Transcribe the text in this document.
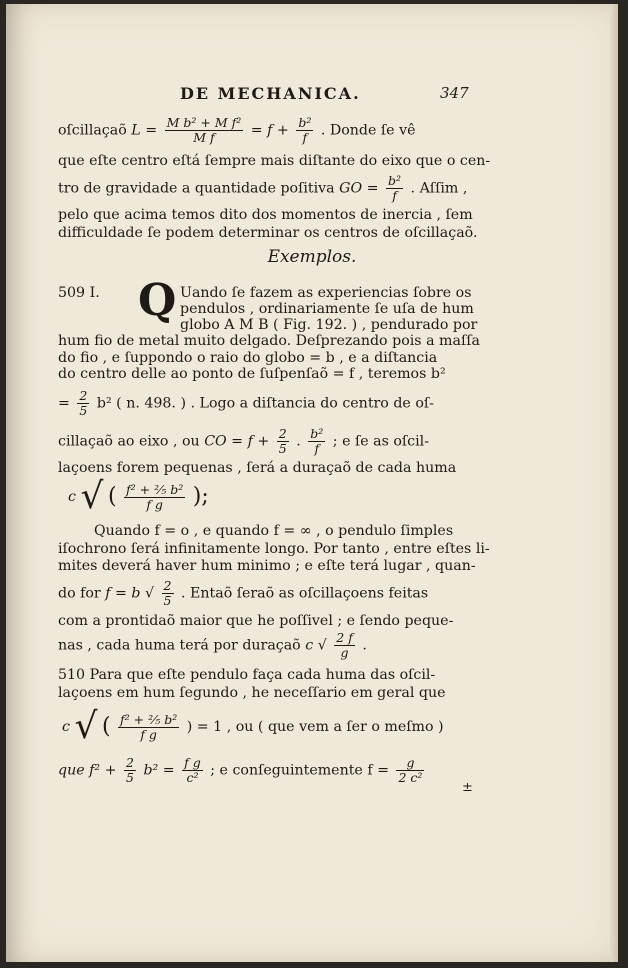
DE MECHANICA.	347
oſcillaçaõ $L = \frac{\text{M b² + M f²}}{\text{M f}} = f + \frac{\text{b²}}{f}$ . Donde ſe vê
que eſte centro eſtá ſempre mais diſtante do eixo que o cen-
tro de gravidade a quantidade poſitiva GO = $\frac{\text{b²}}{f}$ . Aſſim ,
pelo que acima temos dito dos momentos de inercia , ſem
difficuldade ſe podem determinar os centros de oſcillaçaõ.
Exemplos.
509 I. Q Uando ſe fazem as experiencias ſobre os
pendulos , ordinariamente ſe uſa de hum
globo A M B ( Fig. 192. ) , pendurado por
hum fio de metal muito delgado. Deſprezando pois a maſſa
do fio , e ſuppondo o raio do globo = b , e a diſtancia
do centro delle ao ponto de ſuſpenſaõ = f , teremos b²
= $\frac{2}{5} b^2$ ( n. 498. ) . Logo a diſtancia do centro de oſ-
cillaçaõ ao eixo , ou CO = $f + \frac{2}{5}$ . $\frac{\text{b²}}{f}$ ; e ſe as oſcil-
laçoens forem pequenas , ſerá a duraçaõ de cada huma
c √ ( $\frac{\text{f² + ⅖ b²}}{\text{f g}}$ );
Quando f = o , e quando f = ∞ , o pendulo ſimples
iſochrono ſerá infinitamente longo. Por tanto , entre eſtes li-
mites deverá haver hum minimo ; e eſte terá lugar , quan-
do for f = b √ $\frac{2}{5}$ . Entaõ ſeraõ as oſcillaçoens feitas
com a prontidaõ maior que he poſſivel ; e ſendo peque-
nas , cada huma terá por duraçaõ c √ $\frac{2 f}{g}$ .
510 Para que eſte pendulo faça cada huma das oſcil-
laçoens em hum ſegundo , he neceſſario em geral que
c √ ( $\frac{\text{f² + ⅖ b²}}{\text{f g}}$ ) = 1 , ou ( que vem a ſer o meſmo )
que $f^2 + \frac{2}{5} b^2 = \frac{\text{f g}}{\text{c²}}$ ; e conſeguintemente $f = \frac{g}{\text{2 c²}}$
±
